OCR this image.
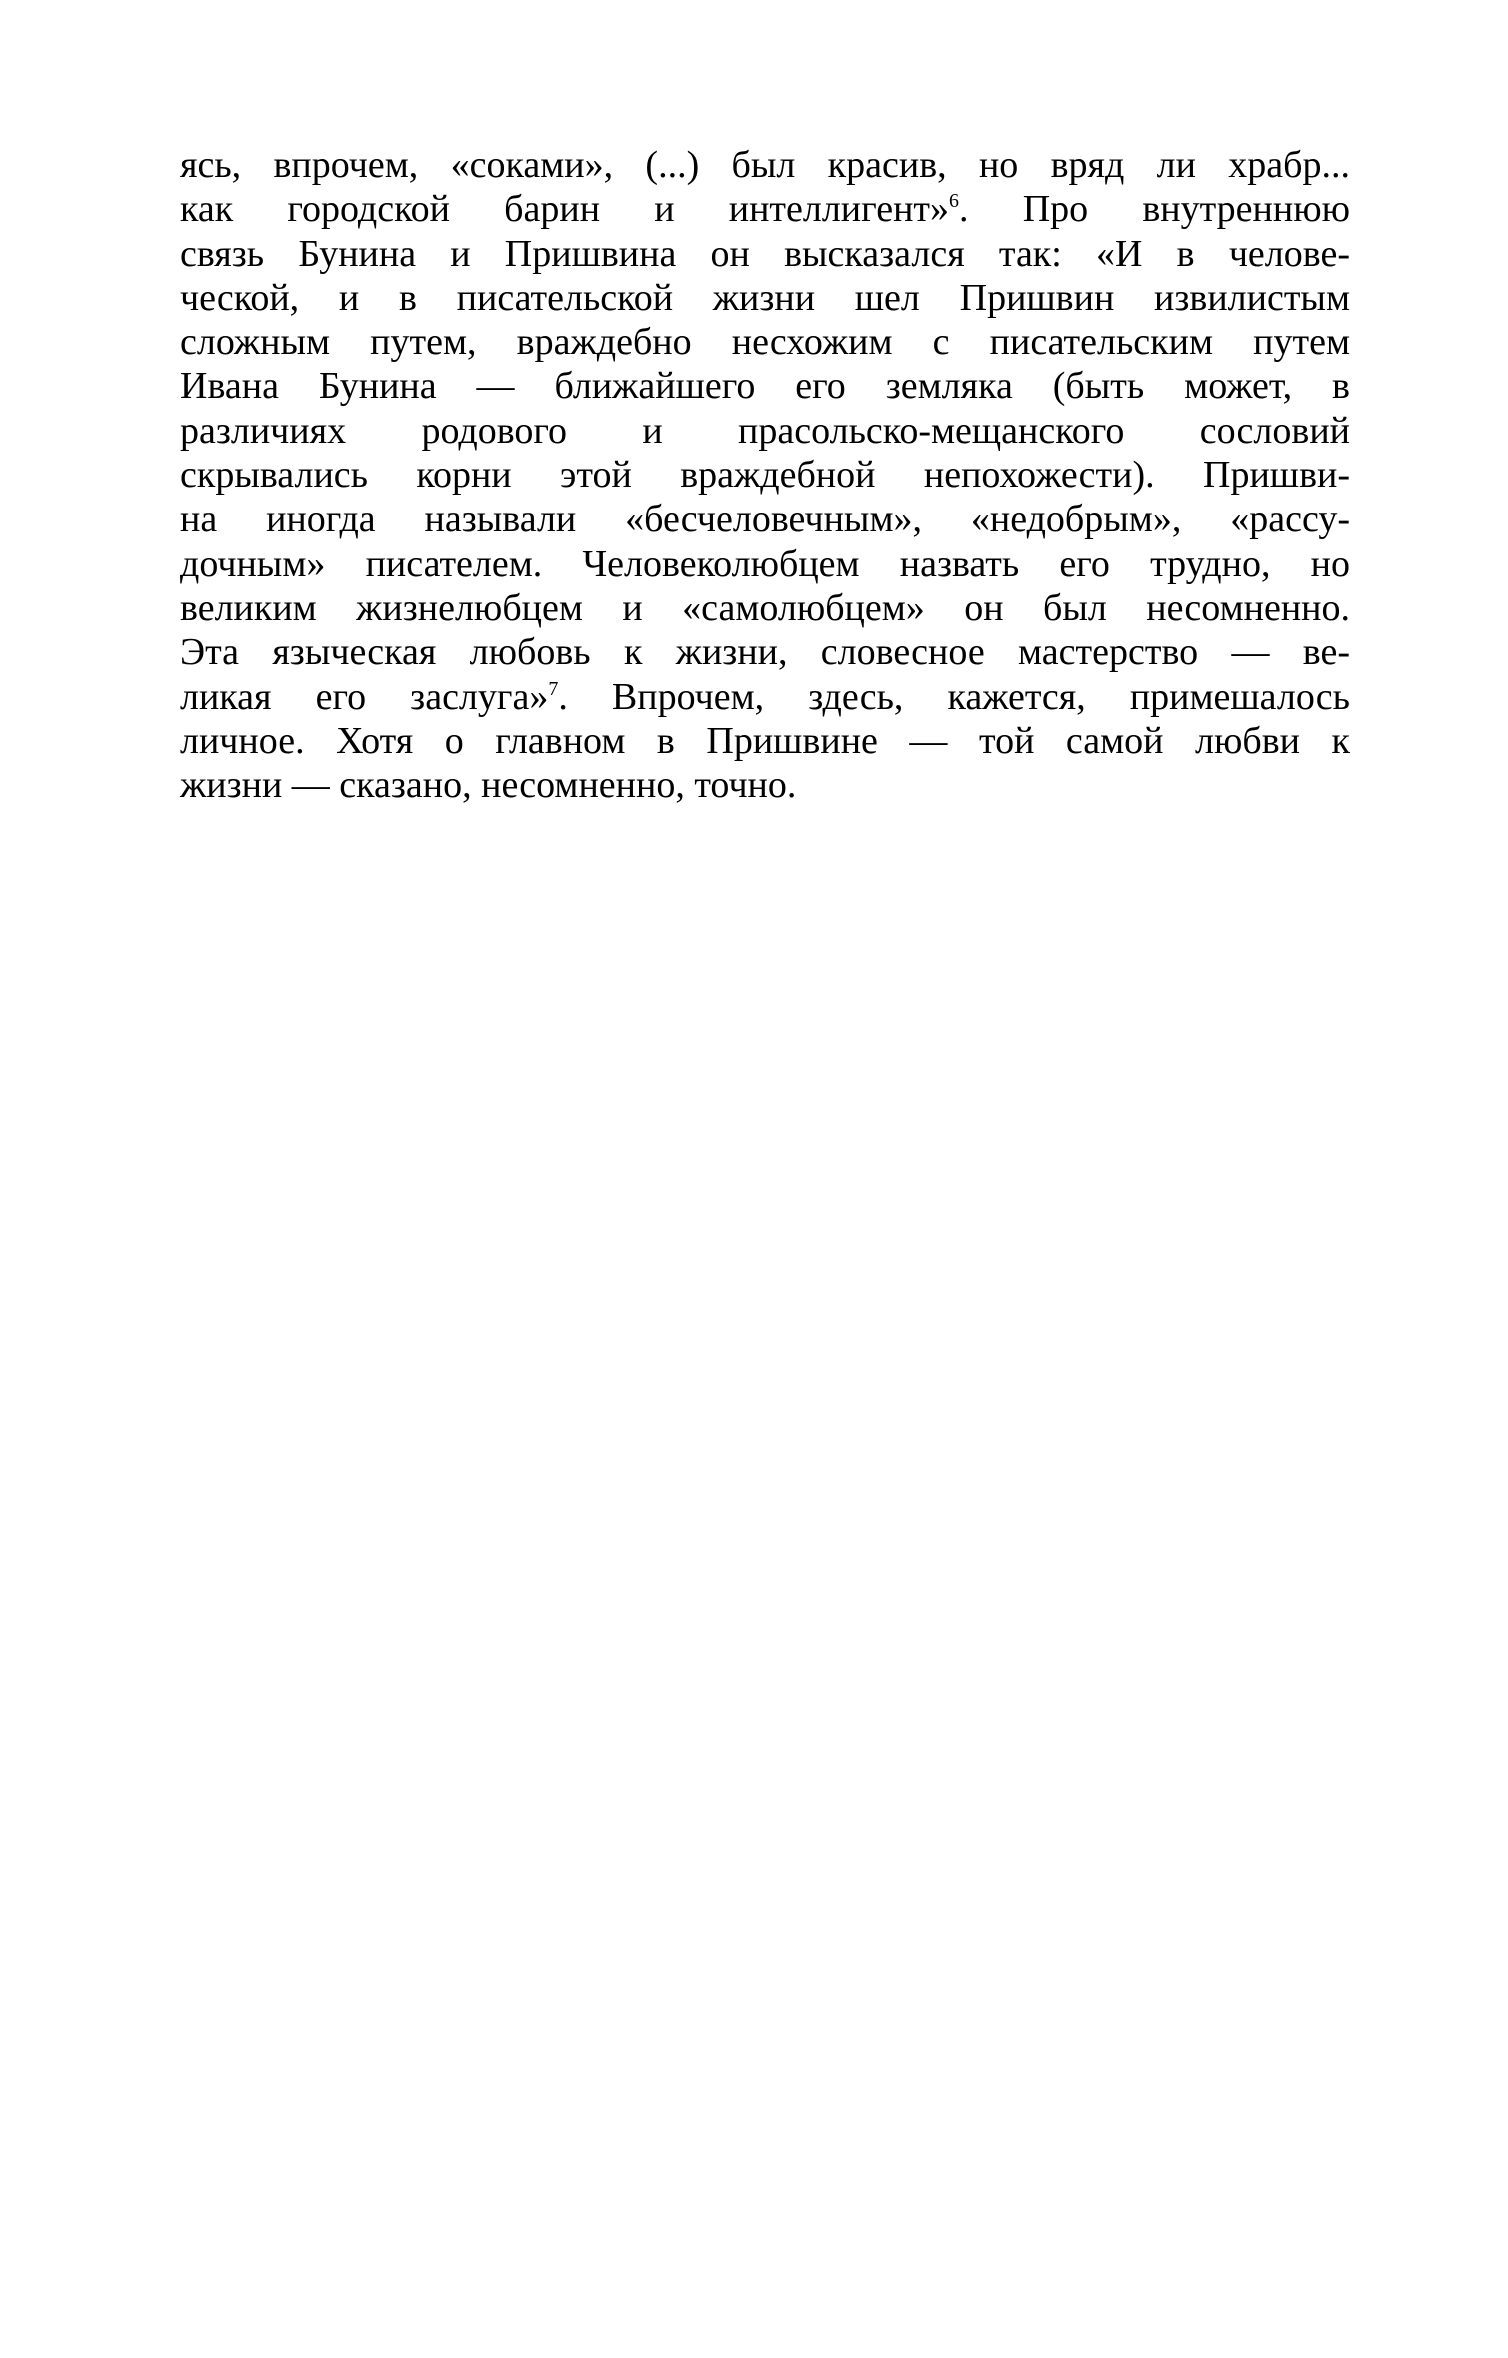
ясь, впрочем, «соками», (...) был красив, но вряд ли храбр...
как городской барин и интеллигент»$^6$. Про внутреннюю
связь Бунина и Пришвина он высказался так: «И в челове-
ческой, и в писательской жизни шел Пришвин извилистым
сложным путем, враждебно несхожим с писательским путем
Ивана Бунина — ближайшего его земляка (быть может, в
различиях родового и прасольско-мещанского сословий
скрывались корни этой враждебной непохожести). Пришви-
на иногда называли «бесчеловечным», «недобрым», «рассу-
дочным» писателем. Человеколюбцем назвать его трудно, но
великим жизнелюбцем и «самолюбцем» он был несомненно.
Эта языческая любовь к жизни, словесное мастерство — ве-
ликая его заслуга»$^7$. Впрочем, здесь, кажется, примешалось
личное. Хотя о главном в Пришвине — той самой любви к
жизни — сказано, несомненно, точно.
